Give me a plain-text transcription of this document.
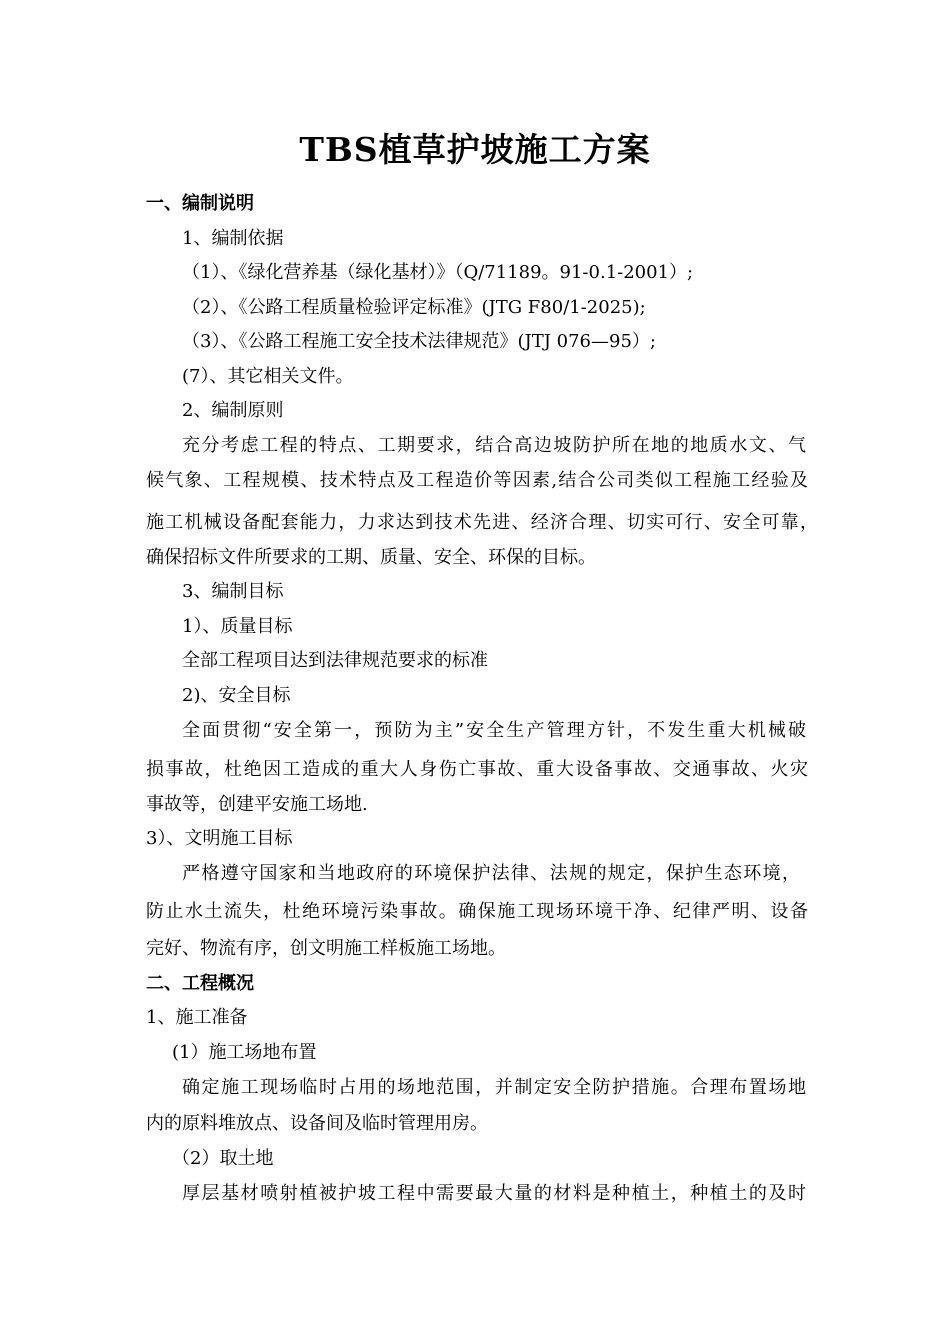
TBS植草护坡施工方案
一、编制说明
1、编制依据
（1）、《绿化营养基（绿化基材）》（Q/71189。91-0.1-2001）;
（2）、《公路工程质量检验评定标准》(JTG F80/1-2025);
（3）、《公路工程施工安全技术法律规范》(JTJ 076—95）;
(7）、其它相关文件。
2、编制原则
充分考虑工程的特点、工期要求，结合高边坡防护所在地的地质水文、气
候气象、工程规模、技术特点及工程造价等因素,结合公司类似工程施工经验及
施工机械设备配套能力，力求达到技术先进、经济合理、切实可行、安全可靠，
确保招标文件所要求的工期、质量、安全、环保的目标。
3、编制目标
1）、质量目标
全部工程项目达到法律规范要求的标准
2)、安全目标
全面贯彻“安全第一，预防为主”安全生产管理方针，不发生重大机械破
损事故，杜绝因工造成的重大人身伤亡事故、重大设备事故、交通事故、火灾
事故等，创建平安施工场地.
3）、文明施工目标
严格遵守国家和当地政府的环境保护法律、法规的规定，保护生态环境，
防止水土流失，杜绝环境污染事故。确保施工现场环境干净、纪律严明、设备
完好、物流有序，创文明施工样板施工场地。
二、工程概况
1、施工准备
(1）施工场地布置
确定施工现场临时占用的场地范围，并制定安全防护措施。合理布置场地
内的原料堆放点、设备间及临时管理用房。
（2）取土地
厚层基材喷射植被护坡工程中需要最大量的材料是种植土，种植土的及时
